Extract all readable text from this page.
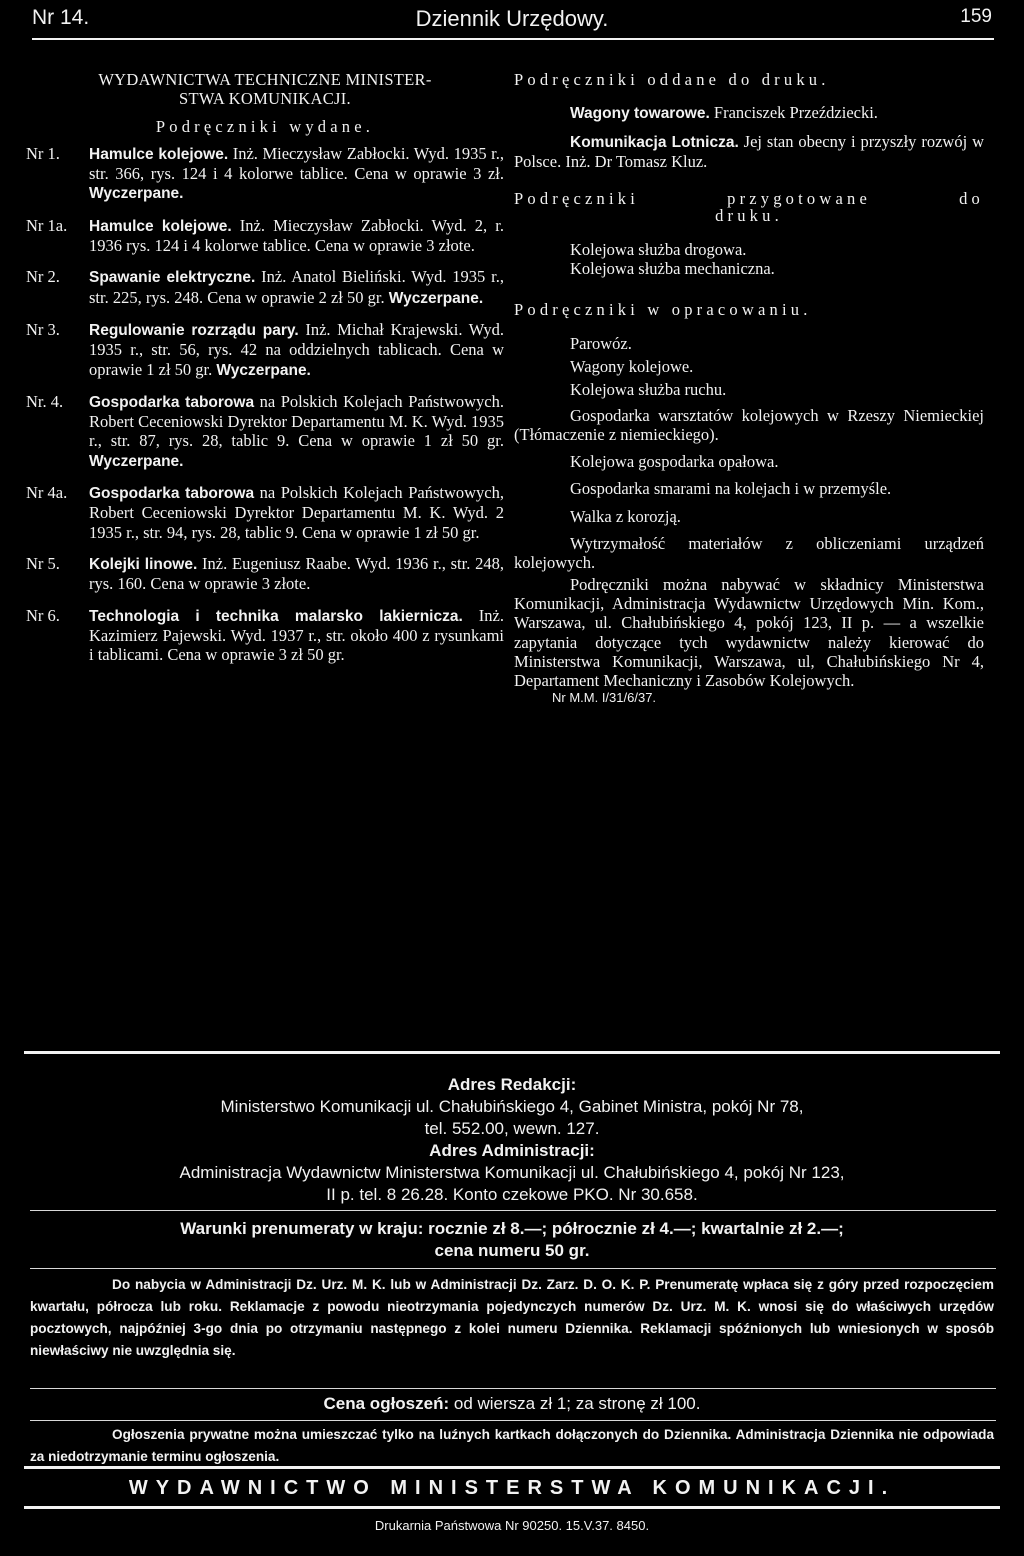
Nr 14.	Dziennik Urzędowy.	159
WYDAWNICTWA TECHNICZNE MINISTER-
STWA KOMUNIKACJI.
Podręczniki wydane.
Nr 1.	Hamulce kolejowe. Inż. Mieczysław Zabłocki. Wyd. 1935 r., str. 366, rys. 124 i 4 kolorwe tablice. Cena w oprawie 3 zł. Wyczerpane.
Nr 1a.	Hamulce kolejowe. Inż. Mieczysław Zabłocki. Wyd. 2, r. 1936 rys. 124 i 4 kolorwe tablice. Cena w oprawie 3 złote.
Nr 2.	Spawanie elektryczne. Inż. Anatol Bieliński. Wyd. 1935 r., str. 225, rys. 248. Cena w oprawie 2 zł 50 gr. Wyczerpane.
Nr 3.	Regulowanie rozrządu pary. Inż. Michał Krajewski. Wyd. 1935 r., str. 56, rys. 42 na oddzielnych tablicach. Cena w oprawie 1 zł 50 gr. Wyczerpane.
Nr. 4.	Gospodarka taborowa na Polskich Kolejach Państwowych. Robert Ceceniowski Dyrektor Departamentu M. K. Wyd. 1935 r., str. 87, rys. 28, tablic 9. Cena w oprawie 1 zł 50 gr. Wyczerpane.
Nr 4a.	Gospodarka taborowa na Polskich Kolejach Państwowych, Robert Ceceniowski Dyrektor Departamentu M. K. Wyd. 2 1935 r., str. 94, rys. 28, tablic 9. Cena w oprawie 1 zł 50 gr.
Nr 5.	Kolejki linowe. Inż. Eugeniusz Raabe. Wyd. 1936 r., str. 248, rys. 160. Cena w oprawie 3 złote.
Nr 6.	Technologia i technika malarsko lakiernicza. Inż. Kazimierz Pajewski. Wyd. 1937 r., str. około 400 z rysunkami i tablicami. Cena w oprawie 3 zł 50 gr.
Podręczniki oddane do druku.
Wagony towarowe. Franciszek Przeździecki.
Komunikacja Lotnicza. Jej stan obecny i przyszły rozwój w Polsce. Inż. Dr Tomasz Kluz.
Podręczniki przygotowane do
druku.
Kolejowa służba drogowa.
Kolejowa służba mechaniczna.
Podręczniki w opracowaniu.
Parowóz.
Wagony kolejowe.
Kolejowa służba ruchu.
Gospodarka warsztatów kolejowych w Rzeszy Niemieckiej (Tłómaczenie z niemieckiego).
Kolejowa gospodarka opałowa.
Gospodarka smarami na kolejach i w przemyśle.
Walka z korozją.
Wytrzymałość materiałów z obliczeniami urządzeń kolejowych.
Podręczniki można nabywać w składnicy Ministerstwa Komunikacji, Administracja Wydawnictw Urzędowych Min. Kom., Warszawa, ul. Chałubińskiego 4, pokój 123, II p. — a wszelkie zapytania dotyczące tych wydawnictw należy kierować do Ministerstwa Komunikacji, Warszawa, ul, Chałubińskiego Nr 4, Departament Mechaniczny i Zasobów Kolejowych.
Nr M.M. I/31/6/37.
Adres Redakcji:
Ministerstwo Komunikacji ul. Chałubińskiego 4, Gabinet Ministra, pokój Nr 78,
tel. 552.00, wewn. 127.
Adres Administracji:
Administracja Wydawnictw Ministerstwa Komunikacji ul. Chałubińskiego 4, pokój Nr 123,
II p. tel. 8 26.28. Konto czekowe PKO. Nr 30.658.
Warunki prenumeraty w kraju: rocznie zł 8.—; półrocznie zł 4.—; kwartalnie zł 2.—;
cena numeru 50 gr.
Do nabycia w Administracji Dz. Urz. M. K. lub w Administracji Dz. Zarz. D. O. K. P. Prenumeratę wpłaca się z góry przed rozpoczęciem kwartału, półrocza lub roku. Reklamacje z powodu nieotrzymania pojedynczych numerów Dz. Urz. M. K. wnosi się do właściwych urzędów pocztowych, najpóźniej 3-go dnia po otrzymaniu następnego z kolei numeru Dziennika. Reklamacji spóźnionych lub wniesionych w sposób niewłaściwy nie uwzględnia się.
Cena ogłoszeń: od wiersza zł 1; za stronę zł 100.
Ogłoszenia prywatne można umieszczać tylko na luźnych kartkach dołączonych do Dziennika. Administracja Dziennika nie odpowiada za niedotrzymanie terminu ogłoszenia.
WYDAWNICTWO MINISTERSTWA KOMUNIKACJI.
Drukarnia Państwowa Nr 90250. 15.V.37. 8450.
